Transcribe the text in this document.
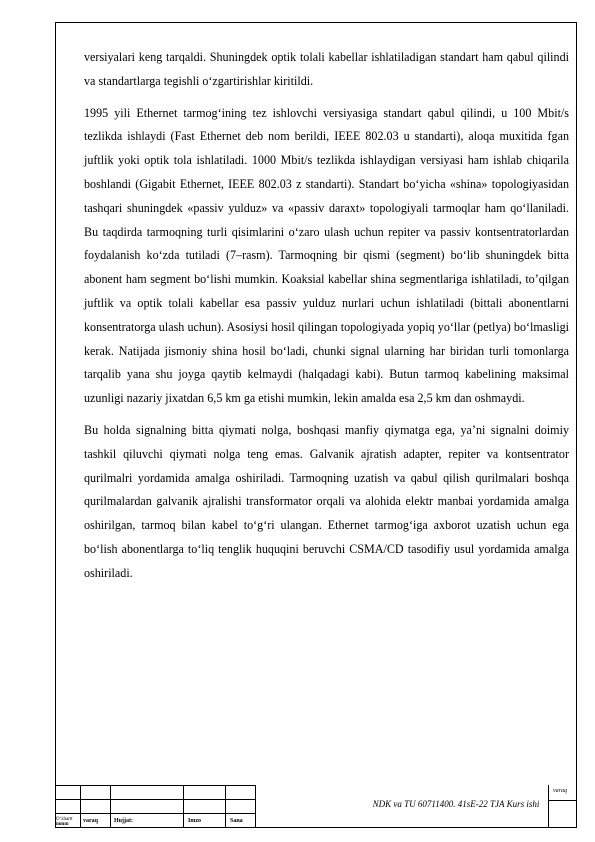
versiyalari keng tarqaldi. Shuningdek optik tolali kabellar ishlatiladigan standart ham qabul qilindi va standartlarga tegishli o‘zgartirishlar kiritildi.

1995 yili Ethernet tarmog‘ining tez ishlovchi versiyasiga standart qabul qilindi, u 100 Mbit/s tezlikda ishlaydi (Fast Ethernet deb nom berildi, IEEE 802.03 u standarti), aloqa muxitida fgan juftlik yoki optik tola ishlatiladi. 1000 Mbit/s tezlikda ishlaydigan versiyasi ham ishlab chiqarila boshlandi (Gigabit Ethernet, IEEE 802.03 z standarti). Standart bo‘yicha «shina» topologiyasidan tashqari shuningdek «passiv yulduz» va «passiv daraxt» topologiyali tarmoqlar ham qo‘llaniladi. Bu taqdirda tarmoqning turli qisimlarini o‘zaro ulash uchun repiter va passiv kontsentratorlardan foydalanish ko‘zda tutiladi (7–rasm). Tarmoqning bir qismi (segment) bo‘lib shuningdek bitta abonent ham segment bo‘lishi mumkin. Koaksial kabellar shina segmentlariga ishlatiladi, to’qilgan juftlik va optik tolali kabellar esa passiv yulduz nurlari uchun ishlatiladi (bittali abonentlarni konsentratorga ulash uchun). Asosiysi hosil qilingan topologiyada yopiq yo‘llar (petlya) bo‘lmasligi kerak. Natijada jismoniy shina hosil bo‘ladi, chunki signal ularning har biridan turli tomonlarga tarqalib yana shu joyga qaytib kelmaydi (halqadagi kabi). Butun tarmoq kabelining maksimal uzunligi nazariy jixatdan 6,5 km ga etishi mumkin, lekin amalda esa 2,5 km dan oshmaydi.

Bu holda signalning bitta qiymati nolga, boshqasi manfiy qiymatga ega, ya’ni signalni doimiy tashkil qiluvchi qiymati nolga teng emas. Galvanik ajratish adapter, repiter va kontsentrator qurilmalri yordamida amalga oshiriladi. Tarmoqning uzatish va qabul qilish qurilmalari boshqa qurilmalardan galvanik ajralishi transformator orqali va alohida elektr manbai yordamida amalga oshirilgan, tarmoq bilan kabel to‘g‘ri ulangan. Ethernet tarmog‘iga axborot uzatish uchun ega bo‘lish abonentlarga to‘liq tenglik huquqini beruvchi CSMA/CD tasodifiy usul yordamida amalga oshiriladi.

O‘zhartt
mmm
varaq	Hujjat:	Imzo	Sana
NDK va TU 60711400. 41sE-22 TJA Kurs ishi
varaq
